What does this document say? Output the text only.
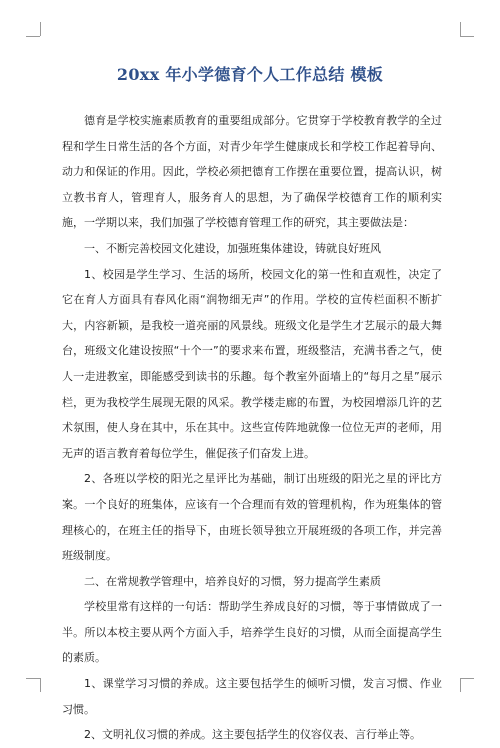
20xx 年小学德育个人工作总结 模板

德育是学校实施素质教育的重要组成部分。它贯穿于学校教育教学的全过程和学生日常生活的各个方面，对青少年学生健康成长和学校工作起着导向、动力和保证的作用。因此，学校必须把德育工作摆在重要位置，提高认识，树立教书育人，管理育人，服务育人的思想，为了确保学校德育工作的顺利实施，一学期以来，我们加强了学校德育管理工作的研究，其主要做法是：

一、不断完善校园文化建设，加强班集体建设，铸就良好班风

1、校园是学生学习、生活的场所，校园文化的第一性和直观性，决定了它在育人方面具有春风化雨“润物细无声”的作用。学校的宣传栏面积不断扩大，内容新颖，是我校一道亮丽的风景线。班级文化是学生才艺展示的最大舞台，班级文化建设按照“十个一”的要求来布置，班级整洁，充满书香之气，使人一走进教室，即能感受到读书的乐趣。每个教室外面墙上的“每月之星”展示栏，更为我校学生展现无限的风采。教学楼走廊的布置，为校园增添几许的艺术氛围，使人身在其中，乐在其中。这些宣传阵地就像一位位无声的老师，用无声的语言教育着每位学生，催促孩子们奋发上进。

2、各班以学校的阳光之星评比为基础，制订出班级的阳光之星的评比方案。一个良好的班集体，应该有一个合理而有效的管理机构，作为班集体的管理核心的，在班主任的指导下，由班长领导独立开展班级的各项工作，并完善班级制度。

二、在常规教学管理中，培养良好的习惯，努力提高学生素质

学校里常有这样的一句话：帮助学生养成良好的习惯，等于事情做成了一半。所以本校主要从两个方面入手，培养学生良好的习惯，从而全面提高学生的素质。

1、课堂学习习惯的养成。这主要包括学生的倾听习惯，发言习惯、作业习惯。

2、文明礼仪习惯的养成。这主要包括学生的仪容仪表、言行举止等。
